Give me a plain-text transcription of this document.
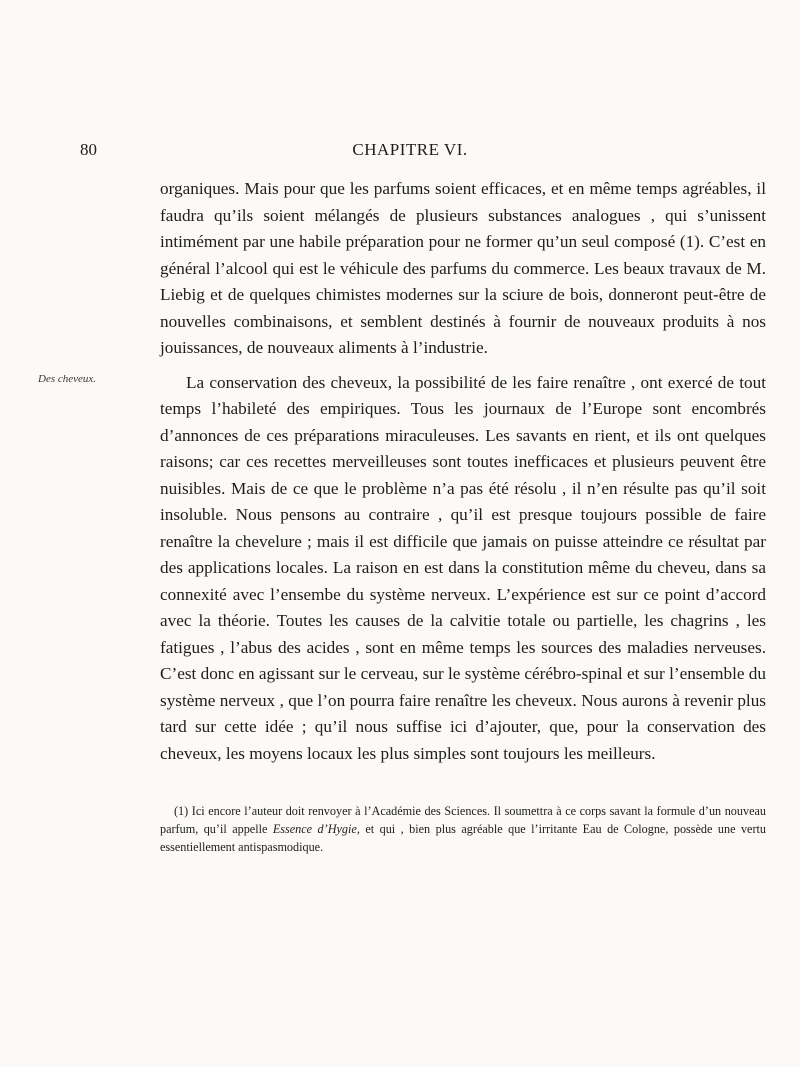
80	CHAPITRE VI.
Des cheveux.

organiques. Mais pour que les parfums soient efficaces, et en même temps agréables, il faudra qu’ils soient mélangés de plusieurs substances analogues , qui s’unissent intimément par une habile préparation pour ne former qu’un seul composé (1). C’est en général l’alcool qui est le véhicule des parfums du commerce. Les beaux travaux de M. Liebig et de quelques chimistes modernes sur la sciure de bois, donneront peut-être de nouvelles combinaisons, et semblent destinés à fournir de nouveaux produits à nos jouissances, de nouveaux aliments à l’industrie.

La conservation des cheveux, la possibilité de les faire renaître , ont exercé de tout temps l’habileté des empiriques. Tous les journaux de l’Europe sont encombrés d’annonces de ces préparations miraculeuses. Les savants en rient, et ils ont quelques raisons; car ces recettes merveilleuses sont toutes inefficaces et plusieurs peuvent être nuisibles. Mais de ce que le problème n’a pas été résolu , il n’en résulte pas qu’il soit insoluble. Nous pensons au contraire , qu’il est presque toujours possible de faire renaître la chevelure ; mais il est difficile que jamais on puisse atteindre ce résultat par des applications locales. La raison en est dans la constitution même du cheveu, dans sa connexité avec l’ensembe du système nerveux. L’expérience est sur ce point d’accord avec la théorie. Toutes les causes de la calvitie totale ou partielle, les chagrins , les fatigues , l’abus des acides , sont en même temps les sources des maladies nerveuses. C’est donc en agissant sur le cerveau, sur le système cérébro-spinal et sur l’ensemble du système nerveux , que l’on pourra faire renaître les cheveux. Nous aurons à revenir plus tard sur cette idée ; qu’il nous suffise ici d’ajouter, que, pour la conservation des cheveux, les moyens locaux les plus simples sont toujours les meilleurs.

(1) Ici encore l’auteur doit renvoyer à l’Académie des Sciences. Il soumettra à ce corps savant la formule d’un nouveau parfum, qu’il appelle Essence d’Hygie, et qui , bien plus agréable que l’irritante Eau de Cologne, possède une vertu essentiellement antispasmodique.
